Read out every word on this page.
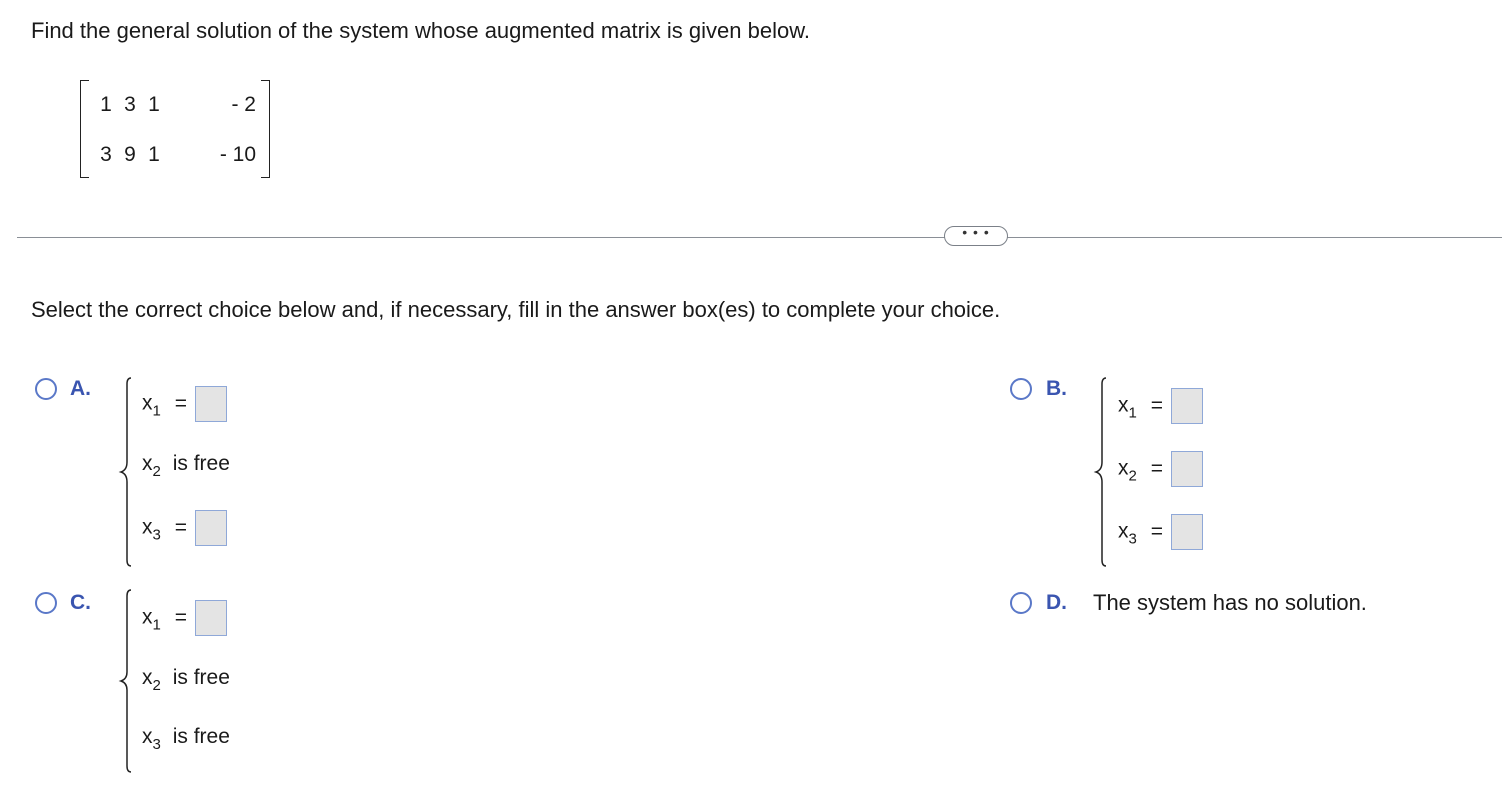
Find the general solution of the system whose augmented matrix is given below.
1 3 1	- 2
3 9 1	- 10
• • •
Select the correct choice below and, if necessary, fill in the answer box(es) to complete your choice.
A.
$x_1$ =
$x_2$ is free
$x_3$ =
B.
$x_1$ =
$x_2$ =
$x_3$ =
C.
$x_1$ =
$x_2$ is free
$x_3$ is free
D. The system has no solution.
